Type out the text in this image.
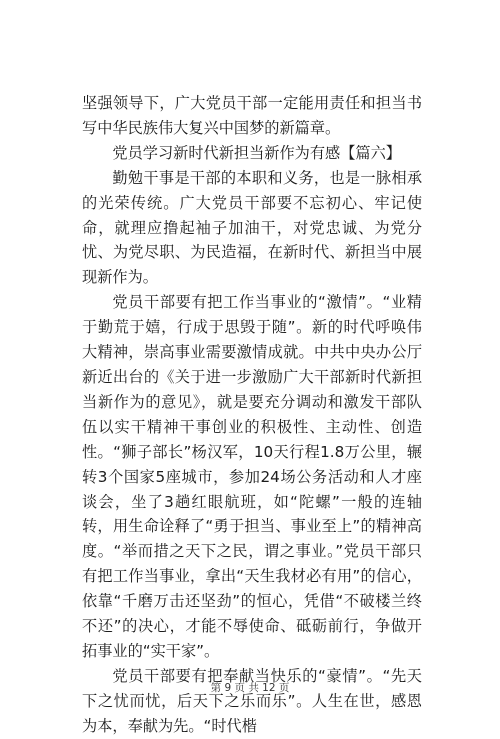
坚强领导下，广大党员干部一定能用责任和担当书写中华民族伟大复兴中国梦的新篇章。

党员学习新时代新担当新作为有感【篇六】

勤勉干事是干部的本职和义务，也是一脉相承的光荣传统。广大党员干部要不忘初心、牢记使命，就理应撸起袖子加油干，对党忠诚、为党分忧、为党尽职、为民造福，在新时代、新担当中展现新作为。

党员干部要有把工作当事业的“激情”。“业精于勤荒于嬉，行成于思毁于随”。新的时代呼唤伟大精神，崇高事业需要激情成就。中共中央办公厅新近出台的《关于进一步激励广大干部新时代新担当新作为的意见》，就是要充分调动和激发干部队伍以实干精神干事创业的积极性、主动性、创造性。“狮子部长”杨汉军，10天行程1.8万公里，辗转3个国家5座城市，参加24场公务活动和人才座谈会，坐了3趟红眼航班，如“陀螺”一般的连轴转，用生命诠释了“勇于担当、事业至上”的精神高度。“举而措之天下之民，谓之事业。”党员干部只有把工作当事业，拿出“天生我材必有用”的信心，依靠“千磨万击还坚劲”的恒心，凭借“不破楼兰终不还”的决心，才能不辱使命、砥砺前行，争做开拓事业的“实干家”。

党员干部要有把奉献当快乐的“豪情”。“先天下之忧而忧，后天下之乐而乐”。人生在世，感恩为本，奉献为先。“时代楷

第 9 页 共 12 页
